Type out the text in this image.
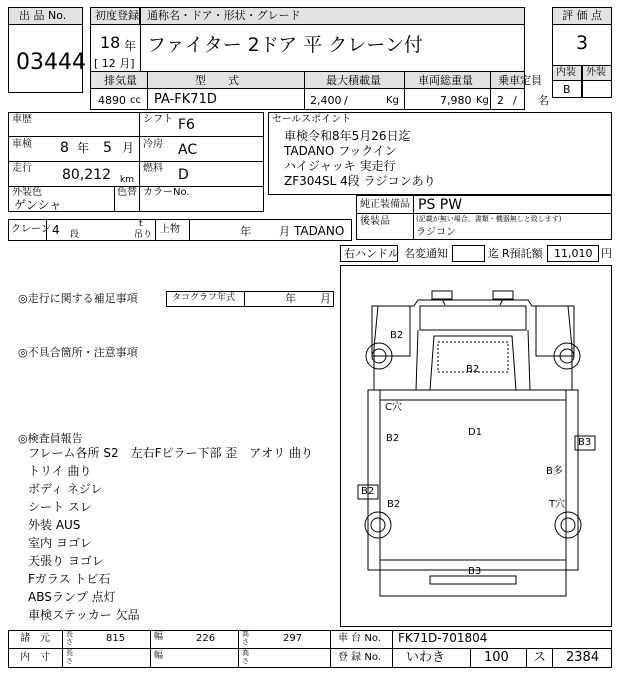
出 品 No.
03444
初度登録 通称名・ドア・形状・グレード
18 年
[ 12 月]
ファイター 2ドア 平 クレーン付
評 価 点
3
内装 外装
B
排気量	型　　式	最大積載量	車両総重量 乗車定員
4890 cc PA-FK71D	2,400 /	Kg	7,980 Kg 2 / 名
車歴	シフト F6
車検 8 年 5 月 冷房 AC
走行 80,212 km
燃料 D
外装色
ゲンシャ
色替 カラーNo.
セールスポイント
車検令和8年5月26日迄
TADANO フックイン
ハイジャッキ 実走行
ZF304SL 4段 ラジコンあり
純正装備品 PS PW
後装品	(記載が無い場合、書類・機器無しと致します)
ラジコン
クレーン 4 段
t
吊り 上物	年	月 TADANO
右ハンドル 名変通知	迄 R預託額 11,010 円
◎走行に関する補足事項	タコグラフ年式	年 月
◎不具合箇所・注意事項
◎検査員報告
フレーム各所 S2　左右Fピラー下部 歪　アオリ 曲り
トリイ 曲り
ボディ ネジレ
シート スレ
外装 AUS
室内 ヨゴレ
天張り ヨゴレ
Fガラス トビ石
ABSランプ 点灯
車検ステッカー 欠品
B2
B2
C穴
B2
D1
B3
B多
B2
T穴
B2
B3
諸　元 長さ	815	幅	226	高さ	297	車 台 No. FK71D-701804
内　寸 長さ	幅	高さ	登 録 No. いわき	100 ス 2384
